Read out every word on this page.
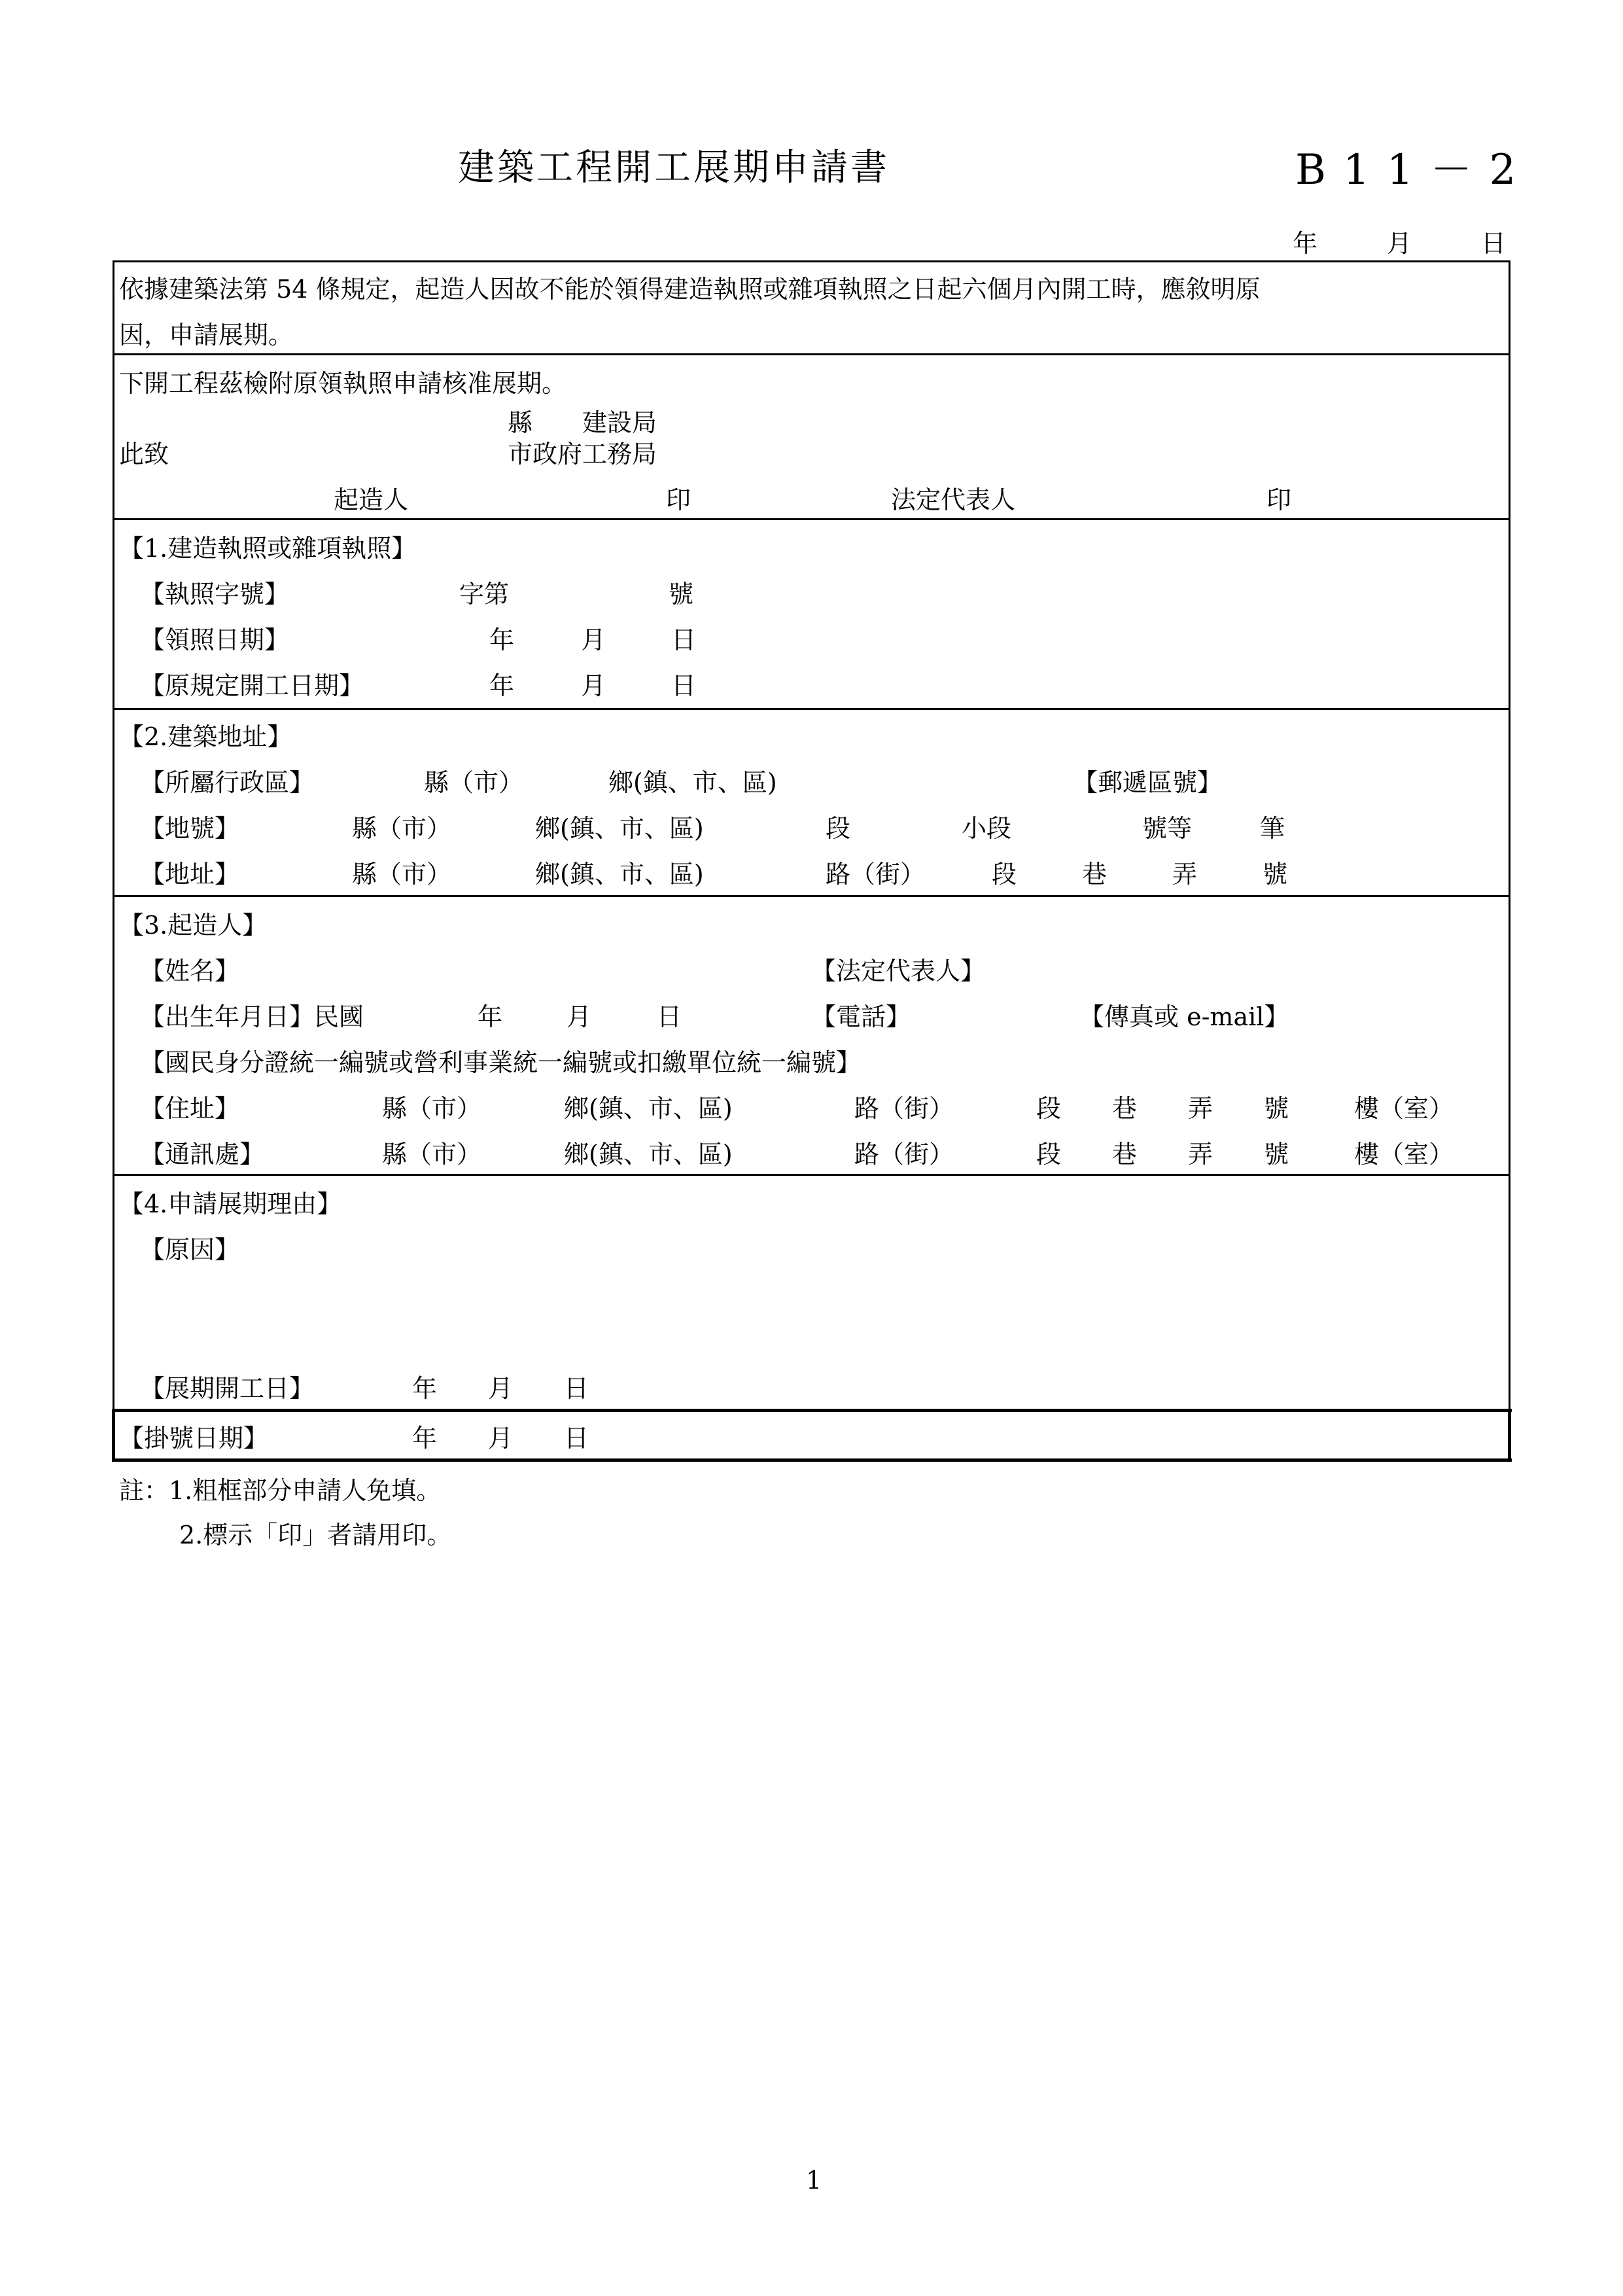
建築工程開工展期申請書	B11－2
年	月	日
依據建築法第 54 條規定，起造人因故不能於領得建造執照或雜項執照之日起六個月內開工時，應敘明原
因，申請展期。
下開工程茲檢附原領執照申請核准展期。
縣　　建設局
此致	市政府工務局
起造人	印	法定代表人	印
【1.建造執照或雜項執照】
【執照字號】	字第	號
【領照日期】	年	月	日
【原規定開工日期】	年	月	日
【2.建築地址】
【所屬行政區】	縣（市）	鄉(鎮、市、區)	【郵遞區號】
【地號】	縣（市）	鄉(鎮、市、區)	段	小段	號等	筆
【地址】	縣（市）	鄉(鎮、市、區)	路（街）	段	巷	弄	號
【3.起造人】
【姓名】	【法定代表人】
【出生年月日】民國	年	月	日	【電話】	【傳真或 e-mail】
【國民身分證統一編號或營利事業統一編號或扣繳單位統一編號】
【住址】	縣（市）	鄉(鎮、市、區)	路（街）	段 巷 弄 號	樓（室）
【通訊處】	縣（市）	鄉(鎮、市、區)	路（街）	段 巷 弄 號	樓（室）
【4.申請展期理由】
【原因】
【展期開工日】	年 月 日
【掛號日期】	年 月 日
註：1.粗框部分申請人免填。
2.標示「印」者請用印。
1
